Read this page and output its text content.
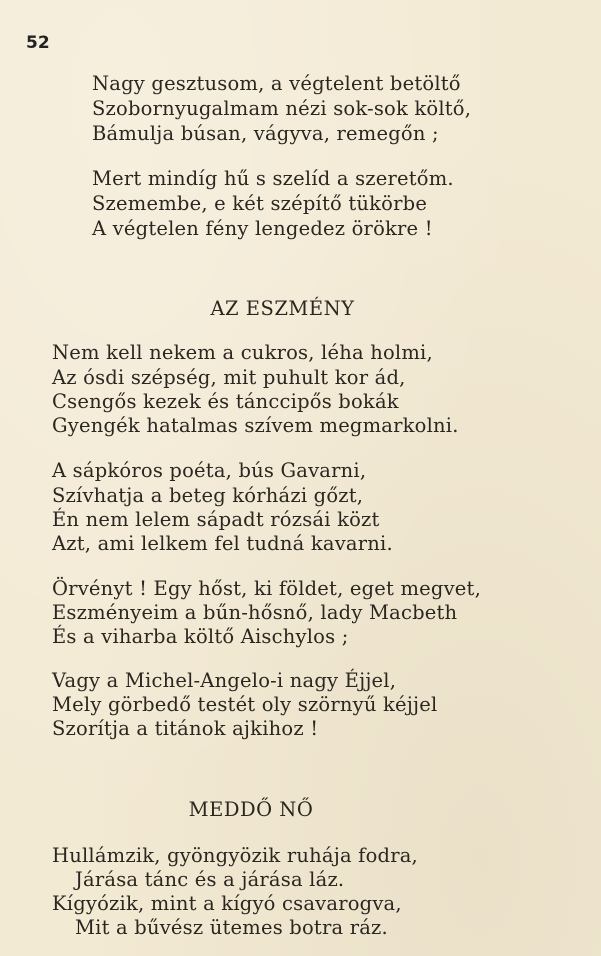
52
Nagy gesztusom, a végtelent betöltő
Szobornyugalmam nézi sok-sok költő,
Bámulja búsan, vágyva, remegőn ;
Mert mindíg hű s szelíd a szeretőm.
Szemembe, e két szépítő tükörbe
A végtelen fény lengedez örökre !
AZ ESZMÉNY
Nem kell nekem a cukros, léha holmi,
Az ósdi szépség, mit puhult kor ád,
Csengős kezek és tánccipős bokák
Gyengék hatalmas szívem megmarkolni.
A sápkóros poéta, bús Gavarni,
Szívhatja a beteg kórházi gőzt,
Én nem lelem sápadt rózsái közt
Azt, ami lelkem fel tudná kavarni.
Örvényt ! Egy hőst, ki földet, eget megvet,
Eszményeim a bűn-hősnő, lady Macbeth
És a viharba költő Aischylos ;
Vagy a Michel-Angelo-i nagy Éjjel,
Mely görbedő testét oly szörnyű kéjjel
Szorítja a titánok ajkihoz !
MEDDŐ NŐ
Hullámzik, gyöngyözik ruhája fodra,
Járása tánc és a járása láz.
Kígyózik, mint a kígyó csavarogva,
Mit a bűvész ütemes botra ráz.
